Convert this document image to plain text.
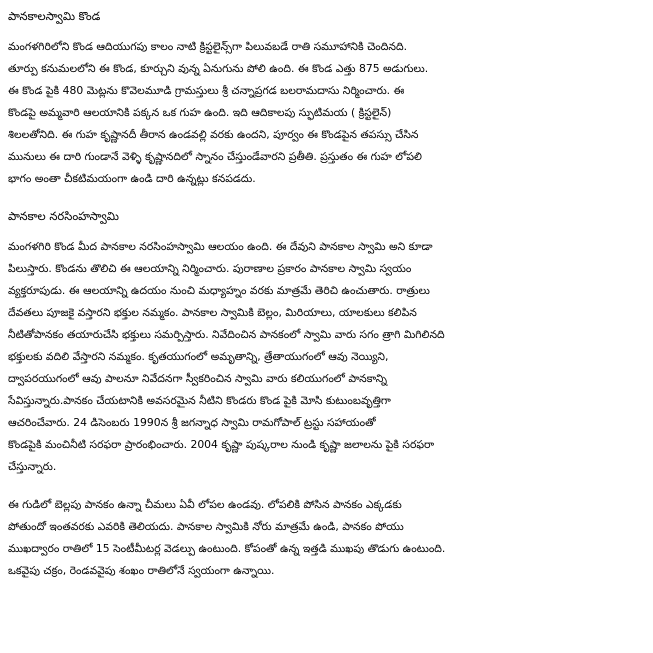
పానకాలస్వామి కొండ
మంగళగిరిలోని కొండ ఆదియుగపు కాలం నాటి క్రిస్టలైన్స్‌గా పిలువబడే రాతి సమూహానికి చెందినది.
తూర్పు కనుమలలోని ఈ కొండ, కూర్చుని వున్న ఏనుగును పోలి ఉంది. ఈ కొండ ఎత్తు 875 అడుగులు.
ఈ కొండ పైకి 480 మెట్లను కొవెలమూడి గ్రామస్తులు శ్రీ చన్నాప్రగడ బలరామదాసు నిర్మించారు. ఈ
కొండపై అమ్మవారి ఆలయానికి పక్కన ఒక గుహ ఉంది. ఇది ఆదికాలపు స్ఫుటిమయ ( క్రిస్టలైన్)
శిలలతోనిది. ఈ గుహ కృష్ణానదీ తీరాన ఉండవల్లి వరకు ఉందని, పూర్వం ఈ కొండపైన తపస్సు చేసిన
మునులు ఈ దారి గుండానే వెళ్ళి కృష్ణానదిలో స్నానం చేస్తుండేవారని ప్రతీతి. ప్రస్తుతం ఈ గుహ లోపలి
భాగం అంతా చీకటిమయంగా ఉండి దారి ఉన్నట్లు కనపడదు.
పానకాల నరసింహస్వామి
మంగళగిరి కొండ మీద పానకాల నరసింహస్వామి ఆలయం ఉంది. ఈ దేవుని పానకాల స్వామి అని కూడా
పిలుస్తారు. కొండను తొలిచి ఈ ఆలయాన్ని నిర్మించారు. పురాణాల ప్రకారం పానకాల స్వామి స్వయం
వ్యక్తరూపుడు. ఈ ఆలయాన్ని ఉదయం నుంచి మధ్యాహ్నం వరకు మాత్రమే తెరిచి ఉంచుతారు. రాత్రులు
దేవతలు పూజకై వస్తారని భక్తుల నమ్మకం. పానకాల స్వామికి బెల్లం, మిరియాలు, యాలకులు కలిపిన
నీటితోపానకం తయారుచేసి భక్తులు సమర్పిస్తారు. నివేదించిన పానకంలో స్వామి వారు సగం త్రాగి మిగిలినది
భక్తులకు వదిలి వేస్తారని నమ్మకం. కృతయుగంలో అమృతాన్ని, త్రేతాయుగంలో ఆవు నెయ్యిని,
ద్వాపరయుగంలో ఆవు పాలనూ నివేదనగా స్వీకరించిన స్వామి వారు కలియుగంలో పానకాన్ని
సేవిస్తున్నారు.పానకం చేయటానికి అవసరమైన నీటిని కొండరు కొండ పైకి మోసి కుటుంబవృత్తిగా
ఆచరించేవారు. 24 డిసెంబరు 1990న శ్రీ జగన్నాధ స్వామి రామగోపాల్ ట్రస్టు సహాయంతో
కొండపైకి మంచినీటి సరఫరా ప్రారంభించారు. 2004 కృష్ణా పుష్కరాల నుండి కృష్ణా జలాలను పైకి సరఫరా
చేస్తున్నారు.
ఈ గుడిలో బెల్లపు పానకం ఉన్నా చీమలు ఏవీ లోపల ఉండవు. లోపలికి పోసిన పానకం ఎక్కడకు
పోతుందో ఇంతవరకు ఎవరికి తెలియదు. పానకాల స్వామికి నోరు మాత్రమే ఉండి, పానకం పోయు
ముఖద్వారం రాతిలో 15 సెంటీమీటర్ల వెడల్పు ఉంటుంది. కోపంతో ఉన్న ఇత్తడి ముఖపు తొడుగు ఉంటుంది.
ఒకవైపు చక్రం, రెండవవైపు శంఖం రాతిలోనే స్వయంగా ఉన్నాయి.
